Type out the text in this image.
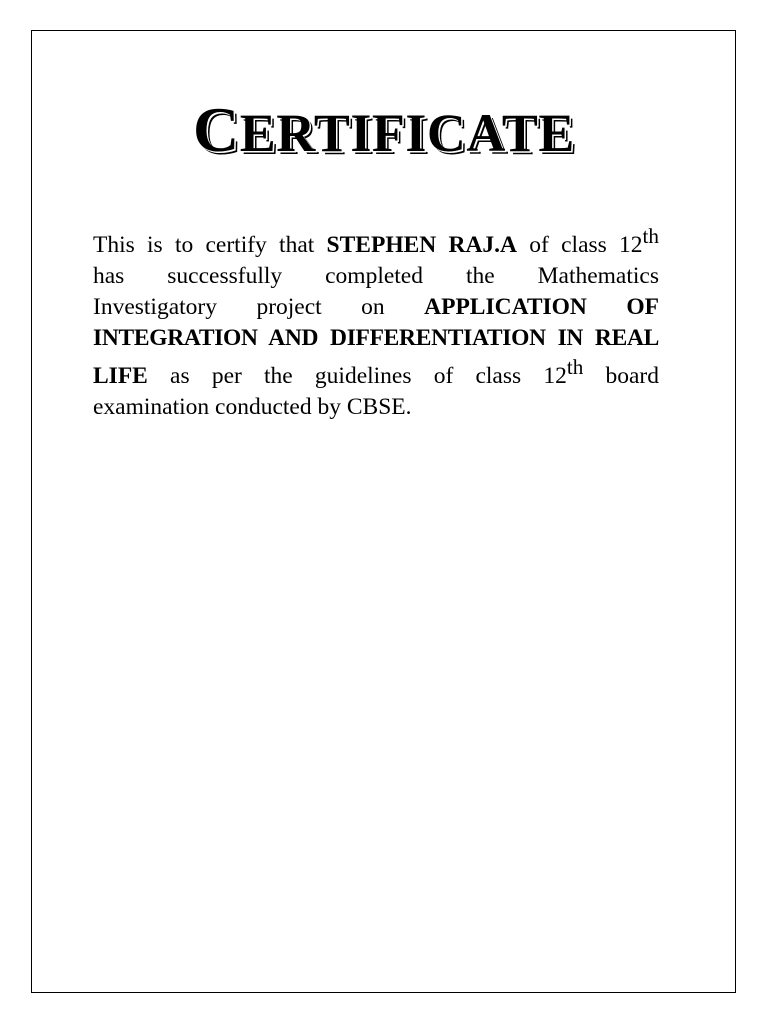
CERTIFICATE
This is to certify that STEPHEN RAJ.A of class 12th
has successfully completed the Mathematics
Investigatory project on APPLICATION OF
INTEGRATION AND DIFFERENTIATION IN REAL
LIFE as per the guidelines of class 12th board
examination conducted by CBSE.
